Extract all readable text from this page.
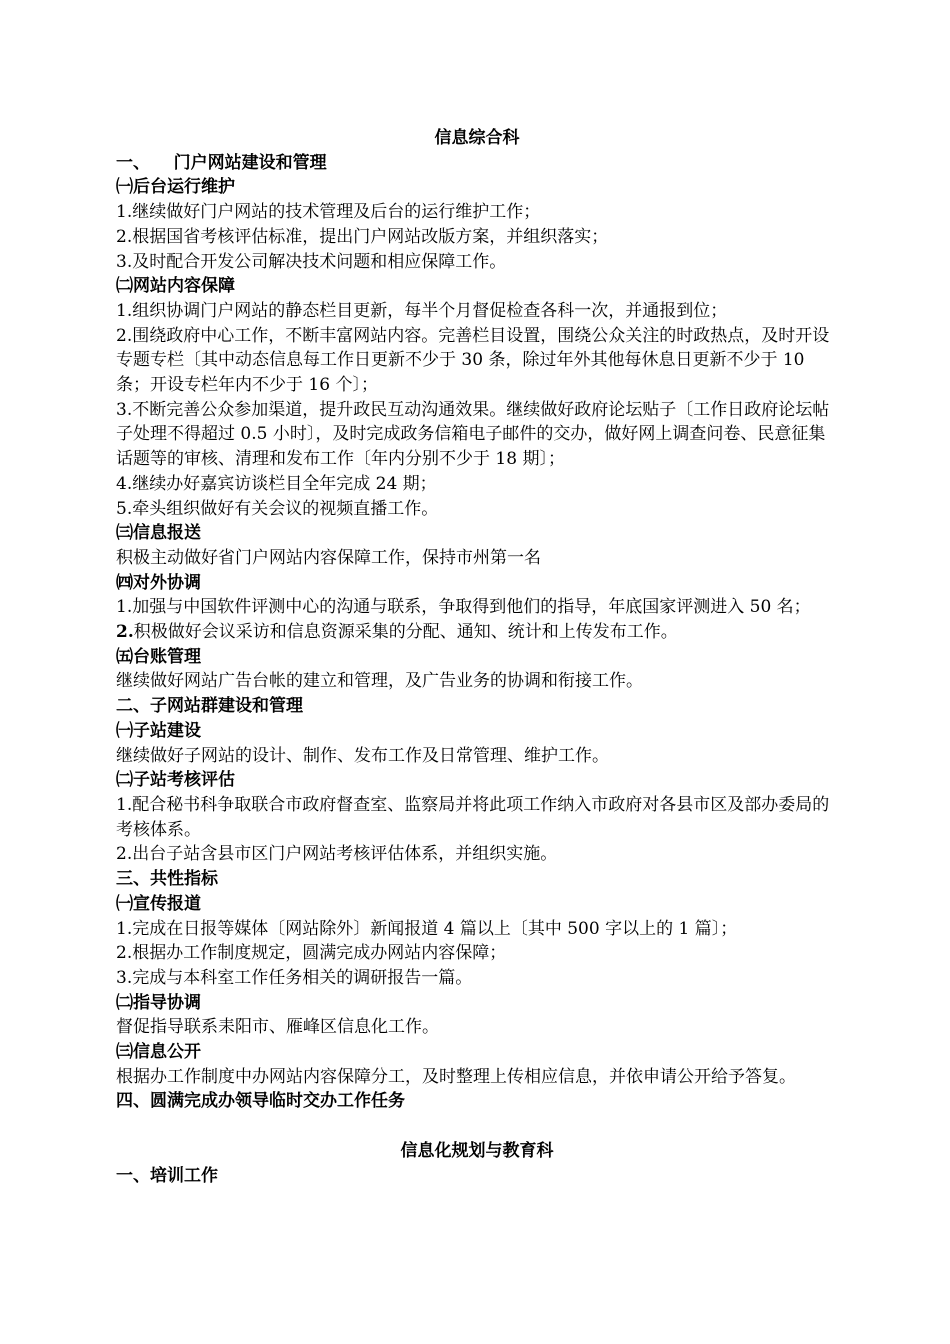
信息综合科
一、    门户网站建设和管理
㈠后台运行维护
1.继续做好门户网站的技术管理及后台的运行维护工作；
2.根据国省考核评估标准，提出门户网站改版方案，并组织落实；
3.及时配合开发公司解决技术问题和相应保障工作。
㈡网站内容保障
1.组织协调门户网站的静态栏目更新，每半个月督促检查各科一次，并通报到位；
2.围绕政府中心工作，不断丰富网站内容。完善栏目设置，围绕公众关注的时政热点，及时开设专题专栏〔其中动态信息每工作日更新不少于 30 条，除过年外其他每休息日更新不少于 10 条；开设专栏年内不少于 16 个〕；
3.不断完善公众参加渠道，提升政民互动沟通效果。继续做好政府论坛贴子〔工作日政府论坛帖子处理不得超过 0.5 小时〕，及时完成政务信箱电子邮件的交办，做好网上调查问卷、民意征集话题等的审核、清理和发布工作〔年内分别不少于 18 期〕；
4.继续办好嘉宾访谈栏目全年完成 24 期；
5.牵头组织做好有关会议的视频直播工作。
㈢信息报送
积极主动做好省门户网站内容保障工作，保持市州第一名
㈣对外协调
1.加强与中国软件评测中心的沟通与联系，争取得到他们的指导，年底国家评测进入 50 名；
2.积极做好会议采访和信息资源采集的分配、通知、统计和上传发布工作。
㈤台账管理
继续做好网站广告台帐的建立和管理，及广告业务的协调和衔接工作。
二、子网站群建设和管理
㈠子站建设
继续做好子网站的设计、制作、发布工作及日常管理、维护工作。
㈡子站考核评估
1.配合秘书科争取联合市政府督查室、监察局并将此项工作纳入市政府对各县市区及部办委局的考核体系。
2.出台子站含县市区门户网站考核评估体系，并组织实施。
三、共性指标
㈠宣传报道
1.完成在日报等媒体〔网站除外〕新闻报道 4 篇以上〔其中 500 字以上的 1 篇〕；
2.根据办工作制度规定，圆满完成办网站内容保障；
3.完成与本科室工作任务相关的调研报告一篇。
㈡指导协调
督促指导联系耒阳市、雁峰区信息化工作。
㈢信息公开
根据办工作制度中办网站内容保障分工，及时整理上传相应信息，并依申请公开给予答复。
四、圆满完成办领导临时交办工作任务
信息化规划与教育科
一、培训工作
